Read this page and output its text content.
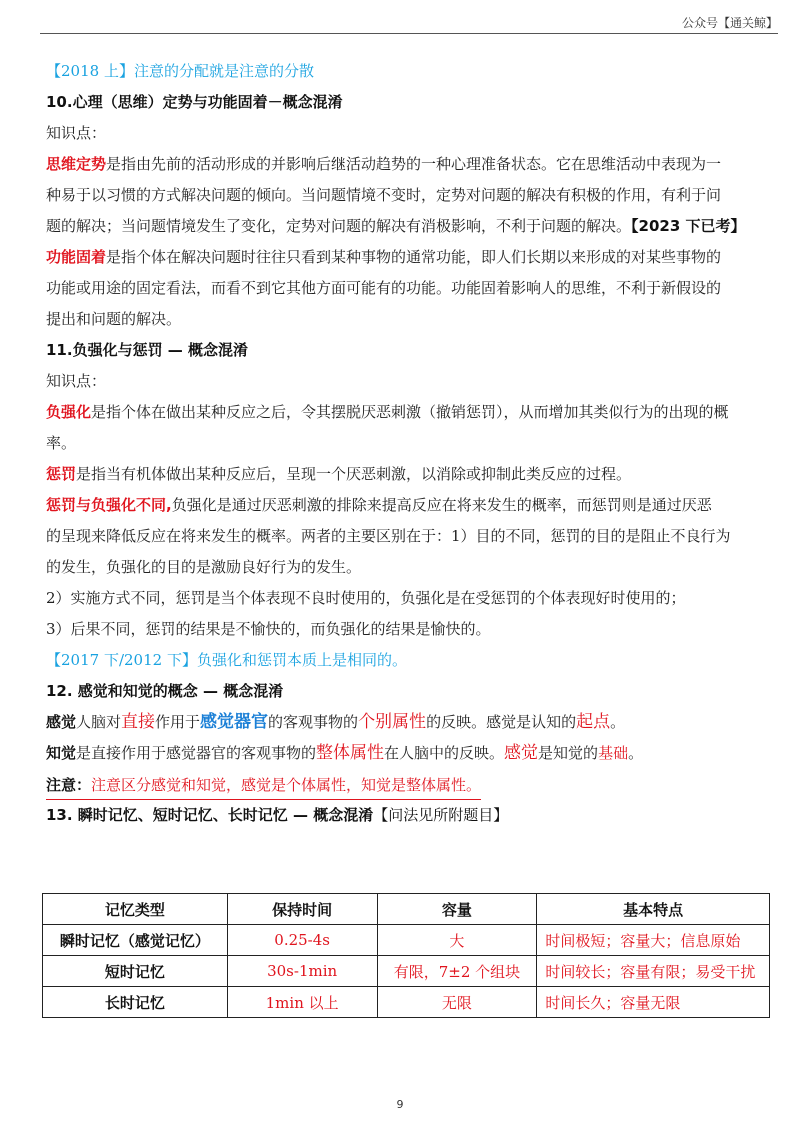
公众号【通关鲸】

【2018 上】注意的分配就是注意的分散

10.心理（思维）定势与功能固着－概念混淆

知识点：

思维定势是指由先前的活动形成的并影响后继活动趋势的一种心理准备状态。它在思维活动中表现为一
种易于以习惯的方式解决问题的倾向。当问题情境不变时，定势对问题的解决有积极的作用，有利于问
题的解决；当问题情境发生了变化，定势对问题的解决有消极影响，不利于问题的解决。【2023 下已考】

功能固着是指个体在解决问题时往往只看到某种事物的通常功能，即人们长期以来形成的对某些事物的
功能或用途的固定看法，而看不到它其他方面可能有的功能。功能固着影响人的思维，不利于新假设的
提出和问题的解决。

11.负强化与惩罚 — 概念混淆

知识点：

负强化是指个体在做出某种反应之后，令其摆脱厌恶刺激（撤销惩罚），从而增加其类似行为的出现的概
率。

惩罚是指当有机体做出某种反应后，呈现一个厌恶刺激，以消除或抑制此类反应的过程。

惩罚与负强化不同,负强化是通过厌恶刺激的排除来提高反应在将来发生的概率，而惩罚则是通过厌恶
的呈现来降低反应在将来发生的概率。两者的主要区别在于：1）目的不同，惩罚的目的是阻止不良行为
的发生，负强化的目的是激励良好行为的发生。

2）实施方式不同，惩罚是当个体表现不良时使用的，负强化是在受惩罚的个体表现好时使用的；

3）后果不同，惩罚的结果是不愉快的，而负强化的结果是愉快的。

【2017 下/2012 下】负强化和惩罚本质上是相同的。

12. 感觉和知觉的概念 — 概念混淆

感觉人脑对直接作用于感觉器官的客观事物的个别属性的反映。感觉是认知的起点。

知觉是直接作用于感觉器官的客观事物的整体属性在人脑中的反映。感觉是知觉的基础。

注意：注意区分感觉和知觉，感觉是个体属性，知觉是整体属性。

13. 瞬时记忆、短时记忆、长时记忆 — 概念混淆【问法见所附题目】

记忆类型	保持时间	容量	基本特点
瞬时记忆（感觉记忆）	0.25-4s	大	时间极短；容量大；信息原始
短时记忆	30s-1min	有限，7±2 个组块	时间较长；容量有限；易受干扰
长时记忆	1min 以上	无限	时间长久；容量无限
9
